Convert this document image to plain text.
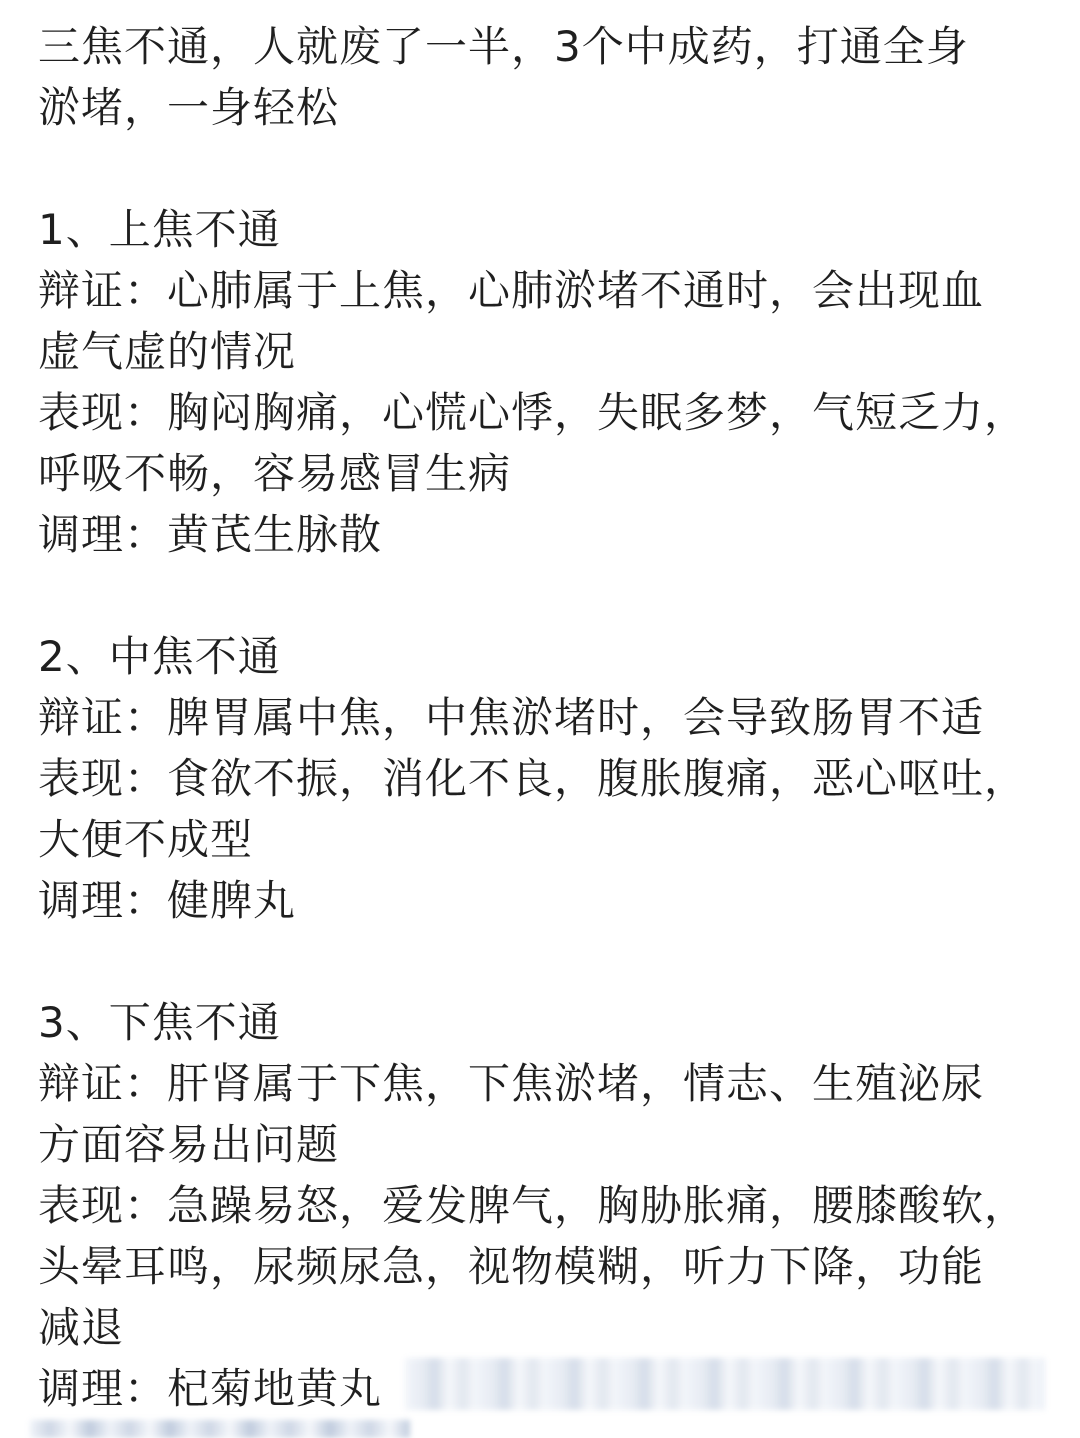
三焦不通，人就废了一半，3个中成药，打通全身
淤堵，一身轻松
1、上焦不通
辩证：心肺属于上焦，心肺淤堵不通时，会出现血
虚气虚的情况
表现：胸闷胸痛，心慌心悸，失眠多梦，气短乏力，
呼吸不畅，容易感冒生病
调理：黄芪生脉散
2、中焦不通
辩证：脾胃属中焦，中焦淤堵时，会导致肠胃不适
表现：食欲不振，消化不良，腹胀腹痛，恶心呕吐，
大便不成型
调理：健脾丸
3、下焦不通
辩证：肝肾属于下焦，下焦淤堵，情志、生殖泌尿
方面容易出问题
表现：急躁易怒，爱发脾气，胸胁胀痛，腰膝酸软，
头晕耳鸣，尿频尿急，视物模糊，听力下降，功能
减退
调理：杞菊地黄丸
